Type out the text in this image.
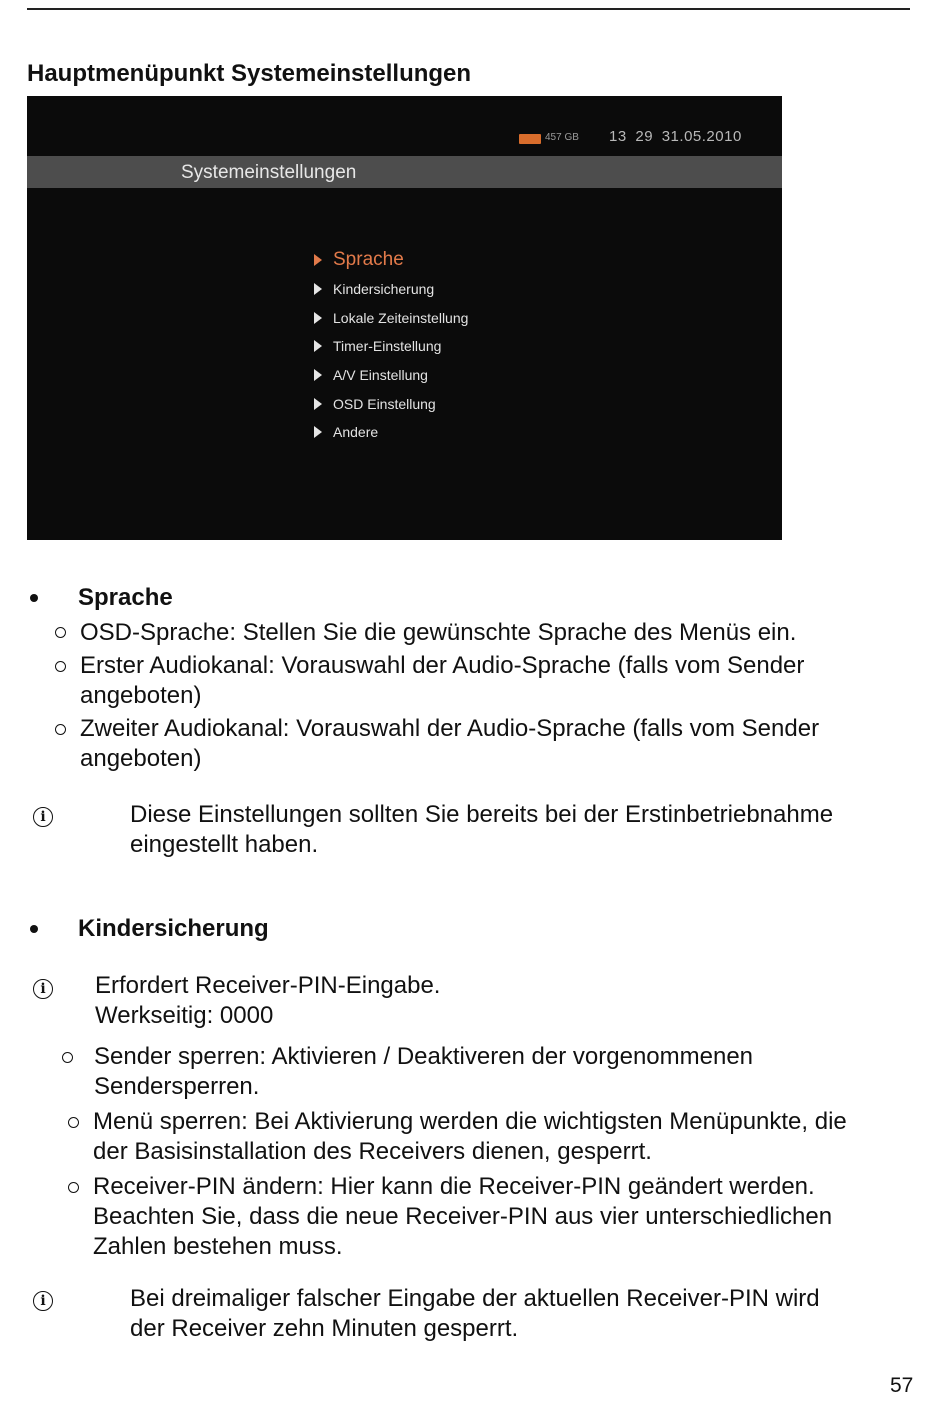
Hauptmenüpunkt Systemeinstellungen
457 GB 13 29 31.05.2010
Systemeinstellungen
Sprache
Kindersicherung
Lokale Zeiteinstellung
Timer-Einstellung
A/V Einstellung
OSD Einstellung
Andere
Sprache
OSD-Sprache: Stellen Sie die gewünschte Sprache des Menüs ein.
Erster Audiokanal: Vorauswahl der Audio-Sprache (falls vom Sender
angeboten)
Zweiter Audiokanal: Vorauswahl der Audio-Sprache (falls vom Sender
angeboten)
i	Diese Einstellungen sollten Sie bereits bei der Erstinbetriebnahme
eingestellt haben.
Kindersicherung
i	Erfordert Receiver-PIN-Eingabe.
Werkseitig: 0000
Sender sperren: Aktivieren / Deaktiveren der vorgenommenen
Sendersperren.
Menü sperren: Bei Aktivierung werden die wichtigsten Menüpunkte, die
der Basisinstallation des Receivers dienen, gesperrt.
Receiver-PIN ändern: Hier kann die Receiver-PIN geändert werden.
Beachten Sie, dass die neue Receiver-PIN aus vier unterschiedlichen
Zahlen bestehen muss.
i	Bei dreimaliger falscher Eingabe der aktuellen Receiver-PIN wird
der Receiver zehn Minuten gesperrt.
57
